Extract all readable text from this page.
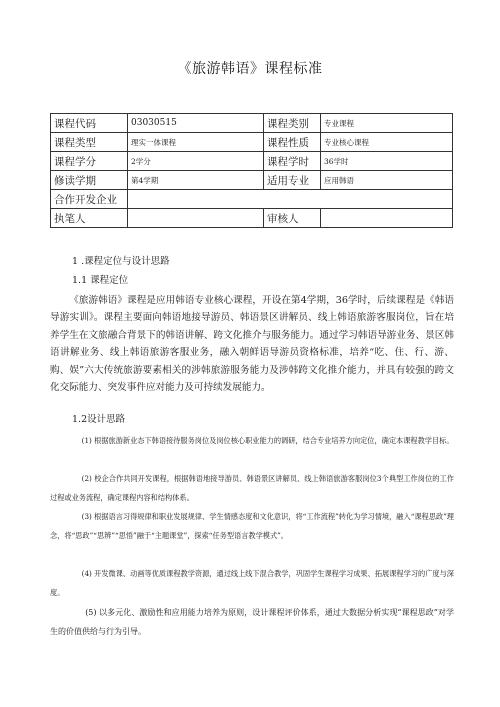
《旅游韩语》课程标准
课程代码	03030515	课程类别	专业课程
课程类型	理实一体课程	课程性质	专业核心课程
课程学分	2学分	课程学时	36学时
修读学期	第4学期	适用专业	应用韩语
合作开发企业			
执笔人		审核人	
1 .课程定位与设计思路
1.1 课程定位
《旅游韩语》课程是应用韩语专业核心课程，开设在第4学期，36学时，后续课程是《韩语导游实训》。课程主要面向韩语地接导游员、韩语景区讲解员、线上韩语旅游客服岗位，旨在培养学生在文旅融合背景下的韩语讲解、跨文化推介与服务能力。通过学习韩语导游业务、景区韩语讲解业务、线上韩语旅游客服业务，融入朝鲜语导游员资格标准，培养“吃、住、行、游、购、娱”六大传统旅游要素相关的涉韩旅游服务能力及涉韩跨文化推介能力，并具有较强的跨文化交际能力、突发事件应对能力及可持续发展能力。
1.2设计思路
(1) 根据旅游新业态下韩语接待服务岗位及岗位核心职业能力的调研，结合专业培养方向定位，确定本课程教学目标。
(2) 校企合作共同开发课程，根据韩语地接导游员、韩语景区讲解员、线上韩语旅游客服岗位3个典型工作岗位的工作过程或业务流程，确定课程内容和结构体系。
(3) 根据语言习得规律和职业发展规律、学生情感态度和文化意识，将“工作流程”转化为学习情境，融入“课程思政”理念，将“思政”“思辨”“思悟”融于“主题课堂”，探索“任务型语言教学模式”。
(4) 开发微课、动画等优质课程教学资源，通过线上线下混合教学，巩固学生课程学习成果、拓展课程学习的广度与深度。
(5) 以多元化、激励性和应用能力培养为原则，设计课程评价体系，通过大数据分析实现“课程思政”对学生的价值供给与行为引导。
